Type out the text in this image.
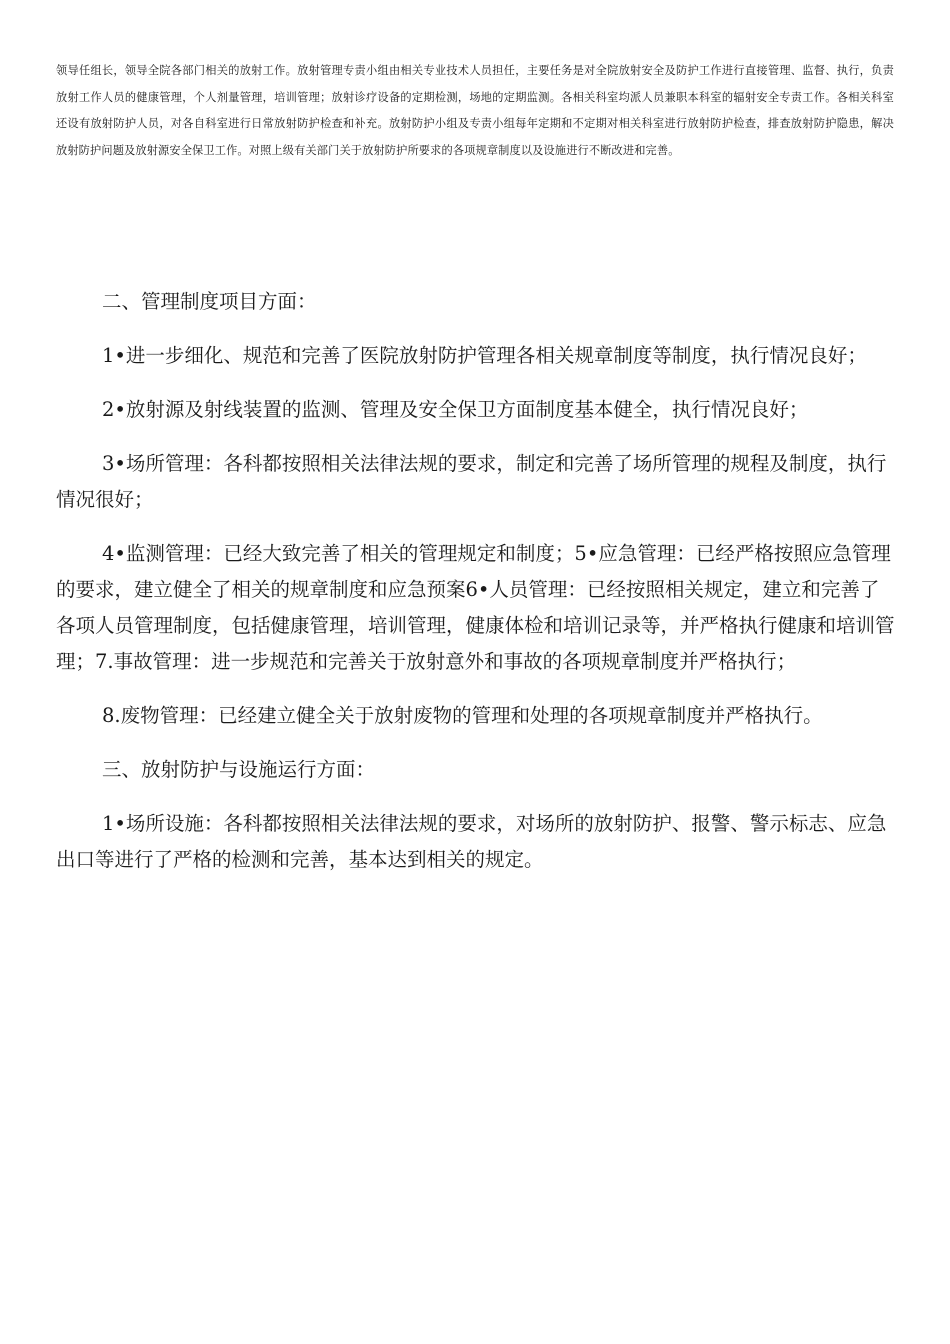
领导任组长，领导全院各部门相关的放射工作。放射管理专责小组由相关专业技术人员担任，主要任务是对全院放射安全及防护工作进行直接管理、监督、执行，负责放射工作人员的健康管理，个人剂量管理，培训管理；放射诊疗设备的定期检测，场地的定期监测。各相关科室均派人员兼职本科室的辐射安全专责工作。各相关科室还设有放射防护人员，对各自科室进行日常放射防护检查和补充。放射防护小组及专责小组每年定期和不定期对相关科室进行放射防护检查，排查放射防护隐患，解决放射防护问题及放射源安全保卫工作。对照上级有关部门关于放射防护所要求的各项规章制度以及设施进行不断改进和完善。

二、管理制度项目方面：

1•进一步细化、规范和完善了医院放射防护管理各相关规章制度等制度，执行情况良好；

2•放射源及射线装置的监测、管理及安全保卫方面制度基本健全，执行情况良好；

3•场所管理：各科都按照相关法律法规的要求，制定和完善了场所管理的规程及制度，执行情况很好；

4•监测管理：已经大致完善了相关的管理规定和制度；5•应急管理：已经严格按照应急管理的要求，建立健全了相关的规章制度和应急预案6•人员管理：已经按照相关规定，建立和完善了各项人员管理制度，包括健康管理，培训管理，健康体检和培训记录等，并严格执行健康和培训管理；7.事故管理：进一步规范和完善关于放射意外和事故的各项规章制度并严格执行；

8.废物管理：已经建立健全关于放射废物的管理和处理的各项规章制度并严格执行。

三、放射防护与设施运行方面：

1•场所设施：各科都按照相关法律法规的要求，对场所的放射防护、报警、警示标志、应急出口等进行了严格的检测和完善，基本达到相关的规定。
